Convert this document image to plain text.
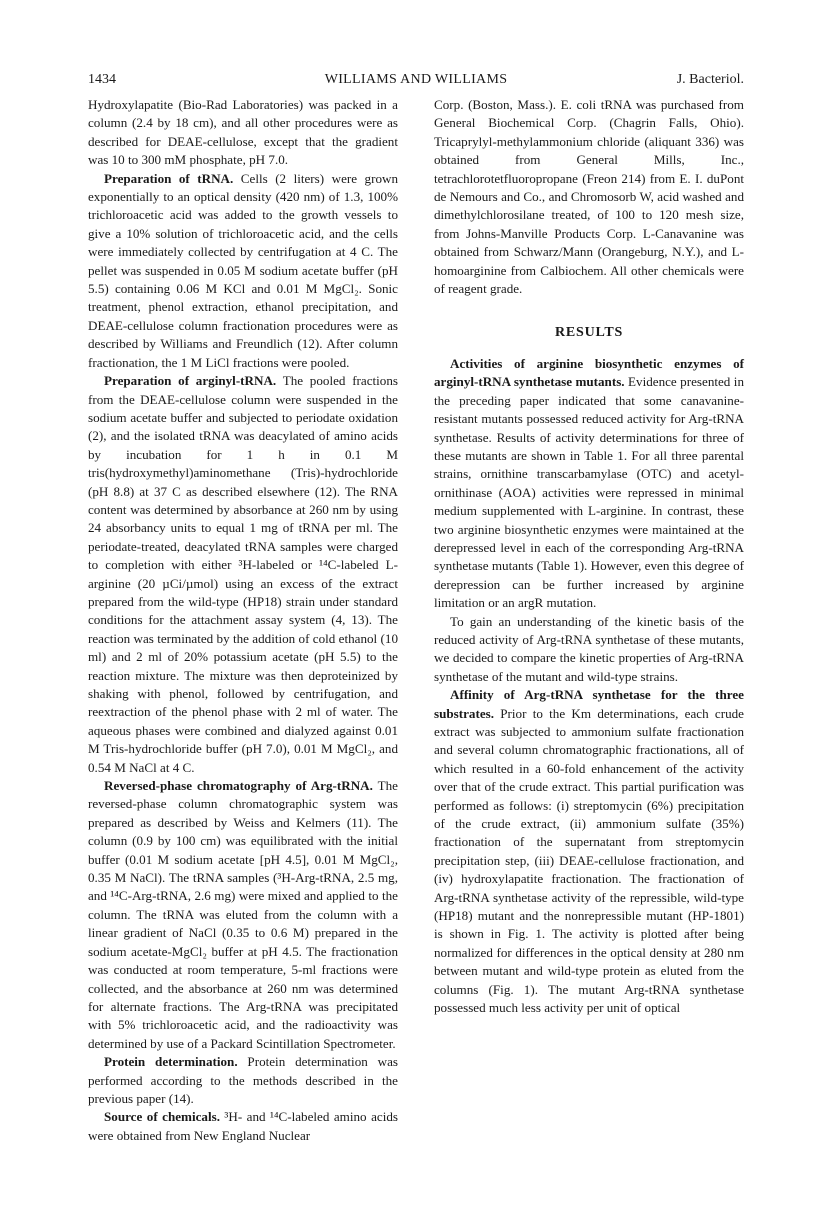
1434	WILLIAMS AND WILLIAMS	J. Bacteriol.

Hydroxylapatite (Bio-Rad Laboratories) was packed in a column (2.4 by 18 cm), and all other procedures were as described for DEAE-cellulose, except that the gradient was 10 to 300 mM phosphate, pH 7.0.

Preparation of tRNA. Cells (2 liters) were grown exponentially to an optical density (420 nm) of 1.3, 100% trichloroacetic acid was added to the growth vessels to give a 10% solution of trichloroacetic acid, and the cells were immediately collected by centrifugation at 4 C. The pellet was suspended in 0.05 M sodium acetate buffer (pH 5.5) containing 0.06 M KCl and 0.01 M MgCl₂. Sonic treatment, phenol extraction, ethanol precipitation, and DEAE-cellulose column fractionation procedures were as described by Williams and Freundlich (12). After column fractionation, the 1 M LiCl fractions were pooled.

Preparation of arginyl-tRNA. The pooled fractions from the DEAE-cellulose column were suspended in the sodium acetate buffer and subjected to periodate oxidation (2), and the isolated tRNA was deacylated of amino acids by incubation for 1 h in 0.1 M tris(hydroxymethyl)aminomethane (Tris)-hydrochloride (pH 8.8) at 37 C as described elsewhere (12). The RNA content was determined by absorbance at 260 nm by using 24 absorbancy units to equal 1 mg of tRNA per ml. The periodate-treated, deacylated tRNA samples were charged to completion with either ³H-labeled or ¹⁴C-labeled L-arginine (20 µCi/µmol) using an excess of the extract prepared from the wild-type (HP18) strain under standard conditions for the attachment assay system (4, 13). The reaction was terminated by the addition of cold ethanol (10 ml) and 2 ml of 20% potassium acetate (pH 5.5) to the reaction mixture. The mixture was then deproteinized by shaking with phenol, followed by centrifugation, and reextraction of the phenol phase with 2 ml of water. The aqueous phases were combined and dialyzed against 0.01 M Tris-hydrochloride buffer (pH 7.0), 0.01 M MgCl₂, and 0.54 M NaCl at 4 C.

Reversed-phase chromatography of Arg-tRNA. The reversed-phase column chromatographic system was prepared as described by Weiss and Kelmers (11). The column (0.9 by 100 cm) was equilibrated with the initial buffer (0.01 M sodium acetate [pH 4.5], 0.01 M MgCl₂, 0.35 M NaCl). The tRNA samples (³H-Arg-tRNA, 2.5 mg, and ¹⁴C-Arg-tRNA, 2.6 mg) were mixed and applied to the column. The tRNA was eluted from the column with a linear gradient of NaCl (0.35 to 0.6 M) prepared in the sodium acetate-MgCl₂ buffer at pH 4.5. The fractionation was conducted at room temperature, 5-ml fractions were collected, and the absorbance at 260 nm was determined for alternate fractions. The Arg-tRNA was precipitated with 5% trichloroacetic acid, and the radioactivity was determined by use of a Packard Scintillation Spectrometer.

Protein determination. Protein determination was performed according to the methods described in the previous paper (14).

Source of chemicals. ³H- and ¹⁴C-labeled amino acids were obtained from New England Nuclear

Corp. (Boston, Mass.). E. coli tRNA was purchased from General Biochemical Corp. (Chagrin Falls, Ohio). Tricaprylyl-methylammonium chloride (aliquant 336) was obtained from General Mills, Inc., tetrachlorotetfluoropropane (Freon 214) from E. I. duPont de Nemours and Co., and Chromosorb W, acid washed and dimethylchlorosilane treated, of 100 to 120 mesh size, from Johns-Manville Products Corp. L-Canavanine was obtained from Schwarz/Mann (Orangeburg, N.Y.), and L-homoarginine from Calbiochem. All other chemicals were of reagent grade.

RESULTS

Activities of arginine biosynthetic enzymes of arginyl-tRNA synthetase mutants. Evidence presented in the preceding paper indicated that some canavanine-resistant mutants possessed reduced activity for Arg-tRNA synthetase. Results of activity determinations for three of these mutants are shown in Table 1. For all three parental strains, ornithine transcarbamylase (OTC) and acetyl-ornithinase (AOA) activities were repressed in minimal medium supplemented with L-arginine. In contrast, these two arginine biosynthetic enzymes were maintained at the derepressed level in each of the corresponding Arg-tRNA synthetase mutants (Table 1). However, even this degree of derepression can be further increased by arginine limitation or an argR mutation.

To gain an understanding of the kinetic basis of the reduced activity of Arg-tRNA synthetase of these mutants, we decided to compare the kinetic properties of Arg-tRNA synthetase of the mutant and wild-type strains.

Affinity of Arg-tRNA synthetase for the three substrates. Prior to the Km determinations, each crude extract was subjected to ammonium sulfate fractionation and several column chromatographic fractionations, all of which resulted in a 60-fold enhancement of the activity over that of the crude extract. This partial purification was performed as follows: (i) streptomycin (6%) precipitation of the crude extract, (ii) ammonium sulfate (35%) fractionation of the supernatant from streptomycin precipitation step, (iii) DEAE-cellulose fractionation, and (iv) hydroxylapatite fractionation. The fractionation of Arg-tRNA synthetase activity of the repressible, wild-type (HP18) mutant and the nonrepressible mutant (HP-1801) is shown in Fig. 1. The activity is plotted after being normalized for differences in the optical density at 280 nm between mutant and wild-type protein as eluted from the columns (Fig. 1). The mutant Arg-tRNA synthetase possessed much less activity per unit of optical
